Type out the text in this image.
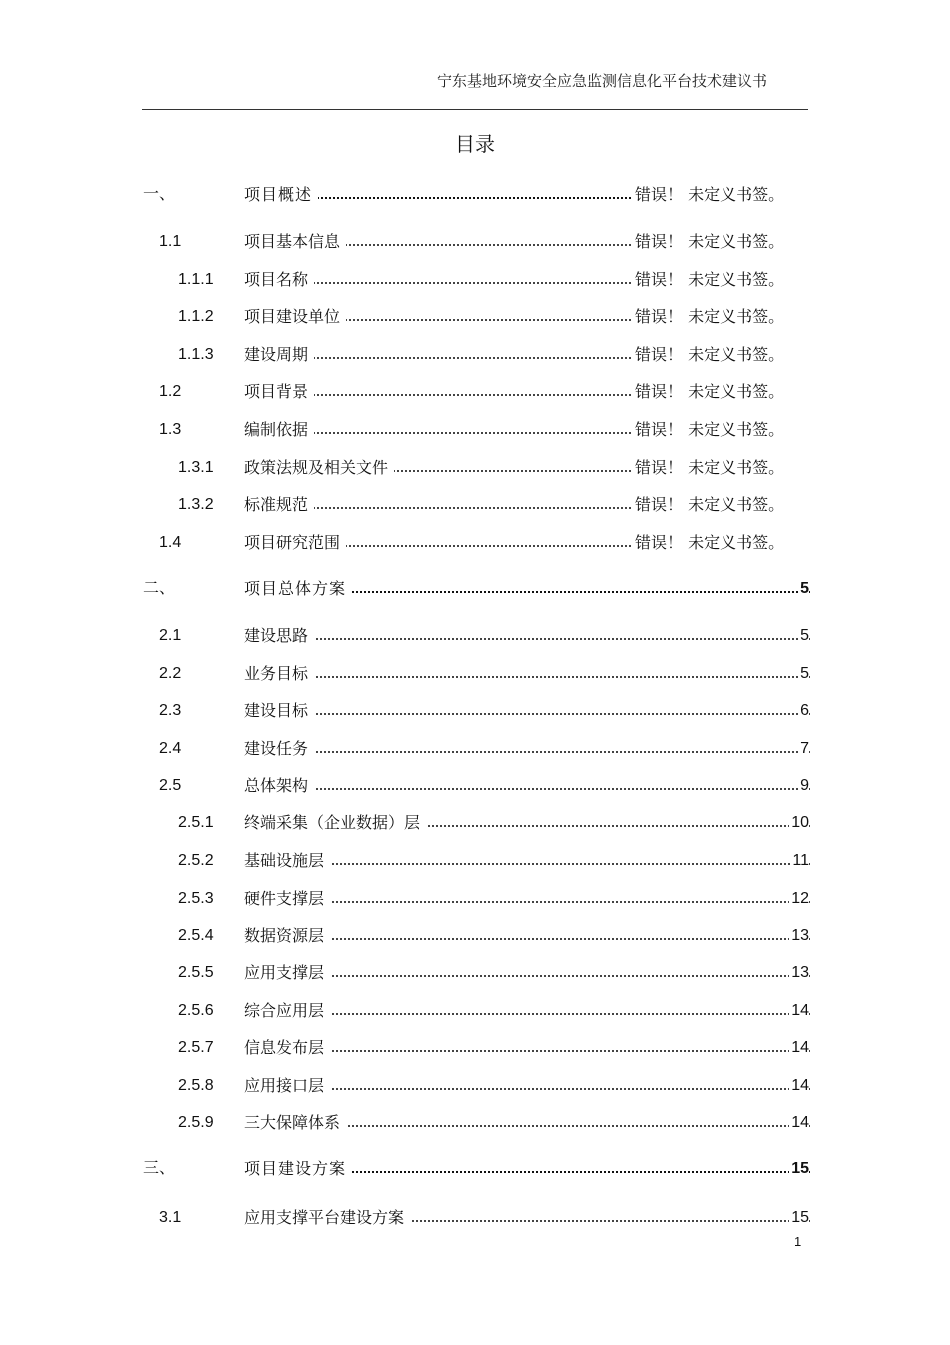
宁东基地环境安全应急监测信息化平台技术建议书
目录
一、	项目概述	错误！ 未定义书签。
1.1	项目基本信息	错误！ 未定义书签。
1.1.1 项目名称	错误！ 未定义书签。
1.1.2 项目建设单位	错误！ 未定义书签。
1.1.3 建设周期	错误！ 未定义书签。
1.2	项目背景	错误！ 未定义书签。
1.3	编制依据	错误！ 未定义书签。
1.3.1 政策法规及相关文件	错误！ 未定义书签。
1.3.2 标准规范	错误！ 未定义书签。
1.4	项目研究范围	错误！ 未定义书签。
二、	项目总体方案	5
2.1	建设思路	5
2.2	业务目标	5
2.3	建设目标	6
2.4	建设任务	7
2.5	总体架构	9
2.5.1 终端采集（企业数据）层	10
2.5.2 基础设施层	11
2.5.3 硬件支撑层	12
2.5.4 数据资源层	13
2.5.5 应用支撑层	13
2.5.6 综合应用层	14
2.5.7 信息发布层	14
2.5.8 应用接口层	14
2.5.9 三大保障体系	14
三、	项目建设方案	15
3.1	应用支撑平台建设方案	15
1
